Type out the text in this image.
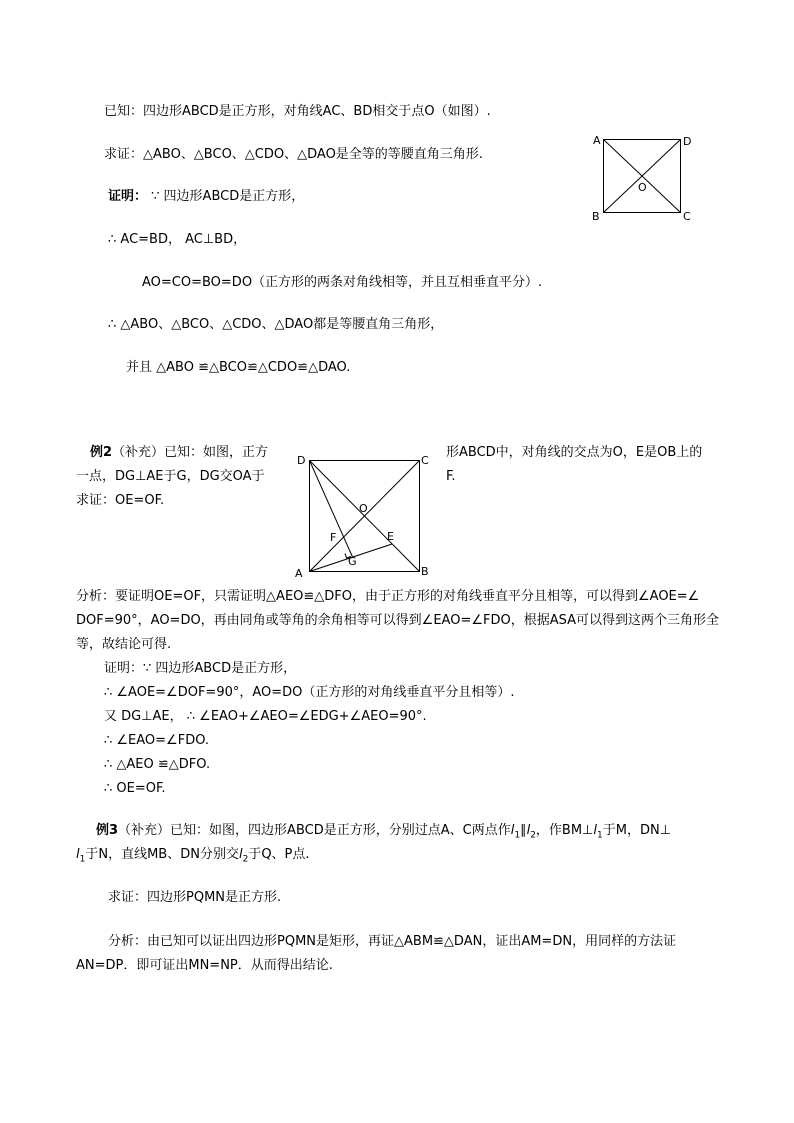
已知：四边形ABCD是正方形，对角线AC、BD相交于点O（如图）.
求证：△ABO、△BCO、△CDO、△DAO是全等的等腰直角三角形.
证明： ∵ 四边形ABCD是正方形，
∴ AC=BD， AC⊥BD，
AO=CO=BO=DO（正方形的两条对角线相等，并且互相垂直平分）.
∴ △ABO、△BCO、△CDO、△DAO都是等腰直角三角形，
并且 △ABO ≌△BCO≌△CDO≌△DAO.
A	D
B	C
O
例2（补充）已知：如图，正方	形ABCD中，对角线的交点为O，E是OB上的
一点，DG⊥AE于G，DG交OA于	F.
求证：OE=OF.
D	C
A	B
O
E
F
G
分析：要证明OE=OF，只需证明△AEO≌△DFO，由于正方形的对角线垂直平分且相等，可以得到∠AOE=∠
DOF=90°，AO=DO，再由同角或等角的余角相等可以得到∠EAO=∠FDO，根据ASA可以得到这两个三角形全
等，故结论可得.
证明：∵ 四边形ABCD是正方形，
∴ ∠AOE=∠DOF=90°，AO=DO（正方形的对角线垂直平分且相等）.
又 DG⊥AE， ∴ ∠EAO+∠AEO=∠EDG+∠AEO=90°.
∴ ∠EAO=∠FDO.
∴ △AEO ≌△DFO.
∴ OE=OF.
例3（补充）已知：如图，四边形ABCD是正方形，分别过点A、C两点作$l_1\parallel l_2$，作$BM\perp l_1$于M，DN⊥
$l_1$于N，直线MB、DN分别交$l_2$于Q、P点.
求证：四边形PQMN是正方形.
分析：由已知可以证出四边形PQMN是矩形，再证△ABM≌△DAN，证出AM=DN，用同样的方法证
AN=DP．即可证出MN=NP．从而得出结论.
